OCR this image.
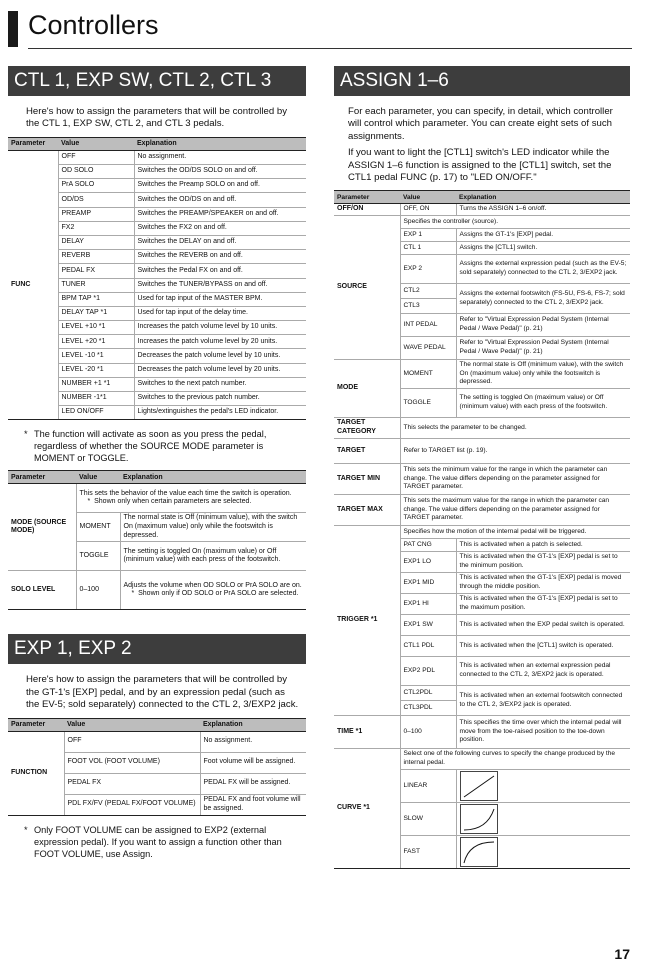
Controllers
CTL 1, EXP SW, CTL 2, CTL 3

Here's how to assign the parameters that will be controlled by the CTL 1, EXP SW, CTL 2, and CTL 3 pedals.

Parameter	Value	Explanation
FUNC	OFF	No assignment.
	OD SOLO	Switches the OD/DS SOLO on and off.
	PrA SOLO	Switches the Preamp SOLO on and off.
	OD/DS	Switches the OD/DS on and off.
	PREAMP	Switches the PREAMP/SPEAKER on and off.
	FX2	Switches the FX2 on and off.
	DELAY	Switches the DELAY on and off.
	REVERB	Switches the REVERB on and off.
	PEDAL FX	Switches the Pedal FX on and off.
	TUNER	Switches the TUNER/BYPASS on and off.
	BPM TAP *1	Used for tap input of the MASTER BPM.
	DELAY TAP *1	Used for tap input of the delay time.
	LEVEL +10 *1	Increases the patch volume level by 10 units.
	LEVEL +20 *1	Increases the patch volume level by 20 units.
	LEVEL -10 *1	Decreases the patch volume level by 10 units.
	LEVEL -20 *1	Decreases the patch volume level by 20 units.
	NUMBER +1 *1	Switches to the next patch number.
	NUMBER -1*1	Switches to the previous patch number.
	LED ON/OFF	Lights/extinguishes the pedal's LED indicator.
* The function will activate as soon as you press the pedal, regardless of whether the SOURCE MODE parameter is MOMENT or TOGGLE.
Parameter	Value	Explanation
MODE (SOURCE MODE)	This sets the behavior of the value each time the switch is operation.
*  Shown only when certain parameters are selected.	

	MOMENT	The normal state is Off (minimum value), with the switch On (maximum value) only while the footswitch is depressed.
	TOGGLE	The setting is toggled On (maximum value) or Off (minimum value) with each press of the footswitch.
SOLO LEVEL	0–100	Adjusts the volume when OD SOLO or PrA SOLO are on.
*  Shown only if OD SOLO or PrA SOLO are selected.
EXP 1, EXP 2

Here's how to assign the parameters that will be controlled by the GT-1's [EXP] pedal, and by an expression pedal (such as the EV-5; sold separately) connected to the CTL 2, 3/EXP2 jack.

Parameter	Value	Explanation
FUNCTION	OFF	No assignment.
	FOOT VOL (FOOT VOLUME)	Foot volume will be assigned.
	PEDAL FX	PEDAL FX will be assigned.
	PDL FX/FV (PEDAL FX/FOOT VOLUME)	PEDAL FX and foot volume will be assigned.
* Only FOOT VOLUME can be assigned to EXP2 (external expression pedal). If you want to assign a function other than FOOT VOLUME, use Assign.
ASSIGN 1–6

For each parameter, you can specify, in detail, which controller will control which parameter. You can create eight sets of such assignments.

If you want to light the [CTL1] switch's LED indicator while the ASSIGN 1–6 function is assigned to the [CTL1] switch, set the CTL1 pedal FUNC (p. 17) to "LED ON/OFF."

Parameter	Value	Explanation
OFF/ON	OFF, ON	Turns the ASSIGN 1–6 on/off.
SOURCE	Specifies the controller (source).	
	EXP 1	Assigns the GT-1's [EXP] pedal.
	CTL 1	Assigns the [CTL1] switch.
	EXP 2	Assigns the external expression pedal (such as the EV-5; sold separately) connected to the CTL 2, 3/EXP2 jack.
	CTL2	Assigns the external footswitch (FS-5U, FS-6, FS-7; sold separately) connected to the CTL 2, 3/EXP2 jack.
	CTL3	
	INT PEDAL	Refer to "Virtual Expression Pedal System (Internal Pedal / Wave Pedal)" (p. 21)
	WAVE PEDAL	Refer to "Virtual Expression Pedal System (Internal Pedal / Wave Pedal)" (p. 21)
MODE	MOMENT	The normal state is Off (minimum value), with the switch On (maximum value) only while the footswitch is depressed.
	TOGGLE	The setting is toggled On (maximum value) or Off (minimum value) with each press of the footswitch.
TARGET CATEGORY	This selects the parameter to be changed.	
TARGET	Refer to TARGET list (p. 19).	
TARGET MIN	This sets the minimum value for the range in which the parameter can change. The value differs depending on the parameter assigned for TARGET parameter.	
TARGET MAX	This sets the maximum value for the range in which the parameter can change. The value differs depending on the parameter assigned for TARGET parameter.	
TRIGGER *1	Specifies how the motion of the internal pedal will be triggered.	
	PAT CNG	This is activated when a patch is selected.
	EXP1 LO	This is activated when the GT-1's [EXP] pedal is set to the minimum position.
	EXP1 MID	This is activated when the GT-1's [EXP] pedal is moved through the middle position.
	EXP1 HI	This is activated when the GT-1's [EXP] pedal is set to the maximum position.
	EXP1 SW	This is activated when the EXP pedal switch is operated.
	CTL1 PDL	This is activated when the [CTL1] switch is operated.
	EXP2 PDL	This is activated when an external expression pedal connected to the CTL 2, 3/EXP2 jack is operated.
	CTL2PDL	This is activated when an external footswitch connected to the CTL 2, 3/EXP2 jack is operated.
	CTL3PDL	
TIME *1	0–100	This specifies the time over which the internal pedal will move from the toe-raised position to the toe-down position.
CURVE *1	Select one of the following curves to specify the change produced by the internal pedal.	
	LINEAR	
	SLOW	
	FAST	
17
